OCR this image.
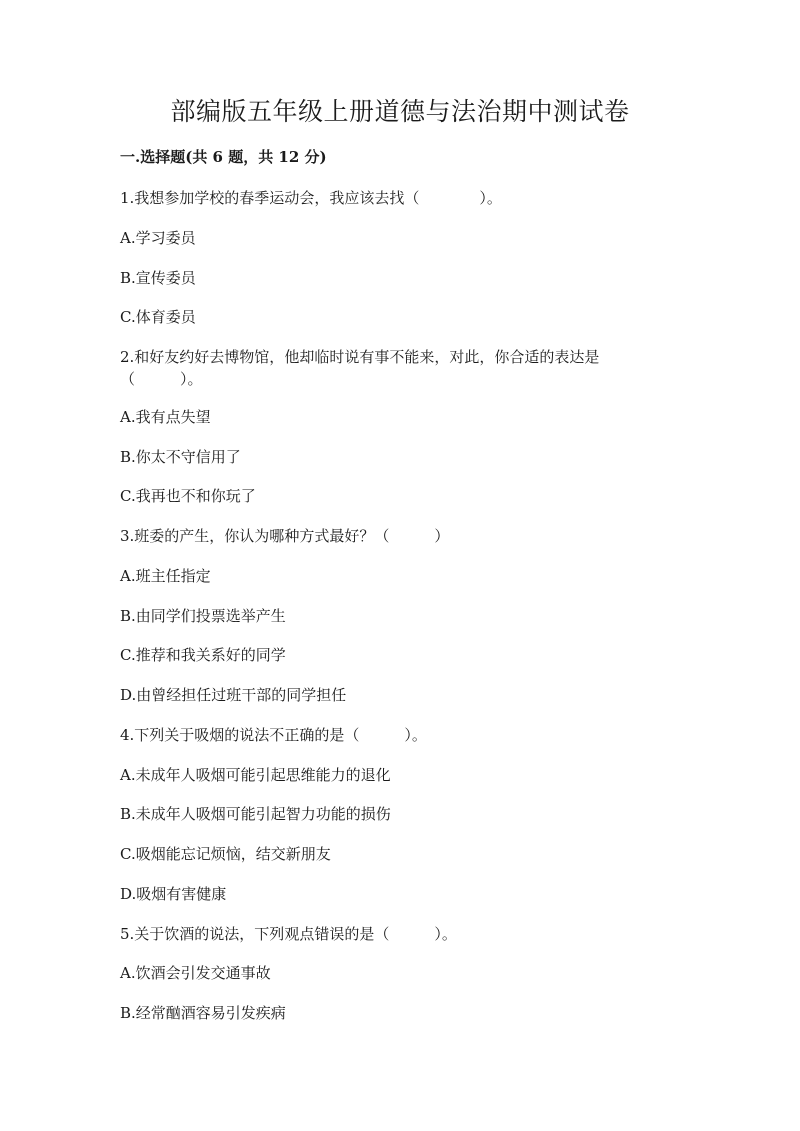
部编版五年级上册道德与法治期中测试卷
一.选择题(共 6 题，共 12 分)
1.我想参加学校的春季运动会，我应该去找（　　　　）。
A.学习委员
B.宣传委员
C.体育委员
2.和好友约好去博物馆，他却临时说有事不能来，对此，你合适的表达是（　　　）。
A.我有点失望
B.你太不守信用了
C.我再也不和你玩了
3.班委的产生，你认为哪种方式最好？（　　　）
A.班主任指定
B.由同学们投票选举产生
C.推荐和我关系好的同学
D.由曾经担任过班干部的同学担任
4.下列关于吸烟的说法不正确的是（　　　）。
A.未成年人吸烟可能引起思维能力的退化
B.未成年人吸烟可能引起智力功能的损伤
C.吸烟能忘记烦恼，结交新朋友
D.吸烟有害健康
5.关于饮酒的说法，下列观点错误的是（　　　）。
A.饮酒会引发交通事故
B.经常酗酒容易引发疾病
